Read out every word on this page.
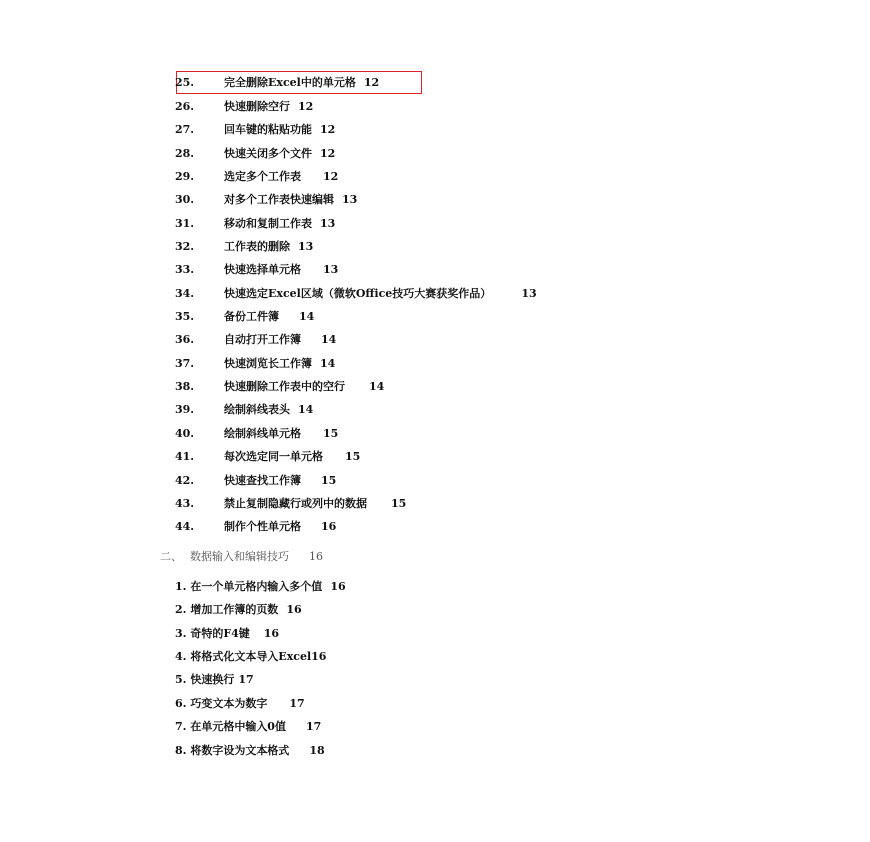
25.	完全删除Excel中的单元格 12
26.	快速删除空行 12
27.	回车键的粘贴功能 12
28.	快速关闭多个文件 12
29.	选定多个工作表 12
30.	对多个工作表快速编辑 13
31.	移动和复制工作表 13
32.	工作表的删除 13
33.	快速选择单元格 13
34.	快速选定Excel区域（微软Office技巧大赛获奖作品）	13
35.	备份工件簿 14
36.	自动打开工作簿 14
37.	快速浏览长工作簿 14
38.	快速删除工作表中的空行 14
39.	绘制斜线表头 14
40.	绘制斜线单元格 15
41.	每次选定同一单元格 15
42.	快速查找工作簿 15
43.	禁止复制隐藏行或列中的数据 15
44.	制作个性单元格 16
二、 数据输入和编辑技巧 16
1. 在一个单元格内输入多个值 16
2. 增加工作簿的页数 16
3. 奇特的F4键 16
4. 将格式化文本导入Excel16
5. 快速换行 17
6. 巧变文本为数字 17
7. 在单元格中输入0值 17
8. 将数字设为文本格式 18
